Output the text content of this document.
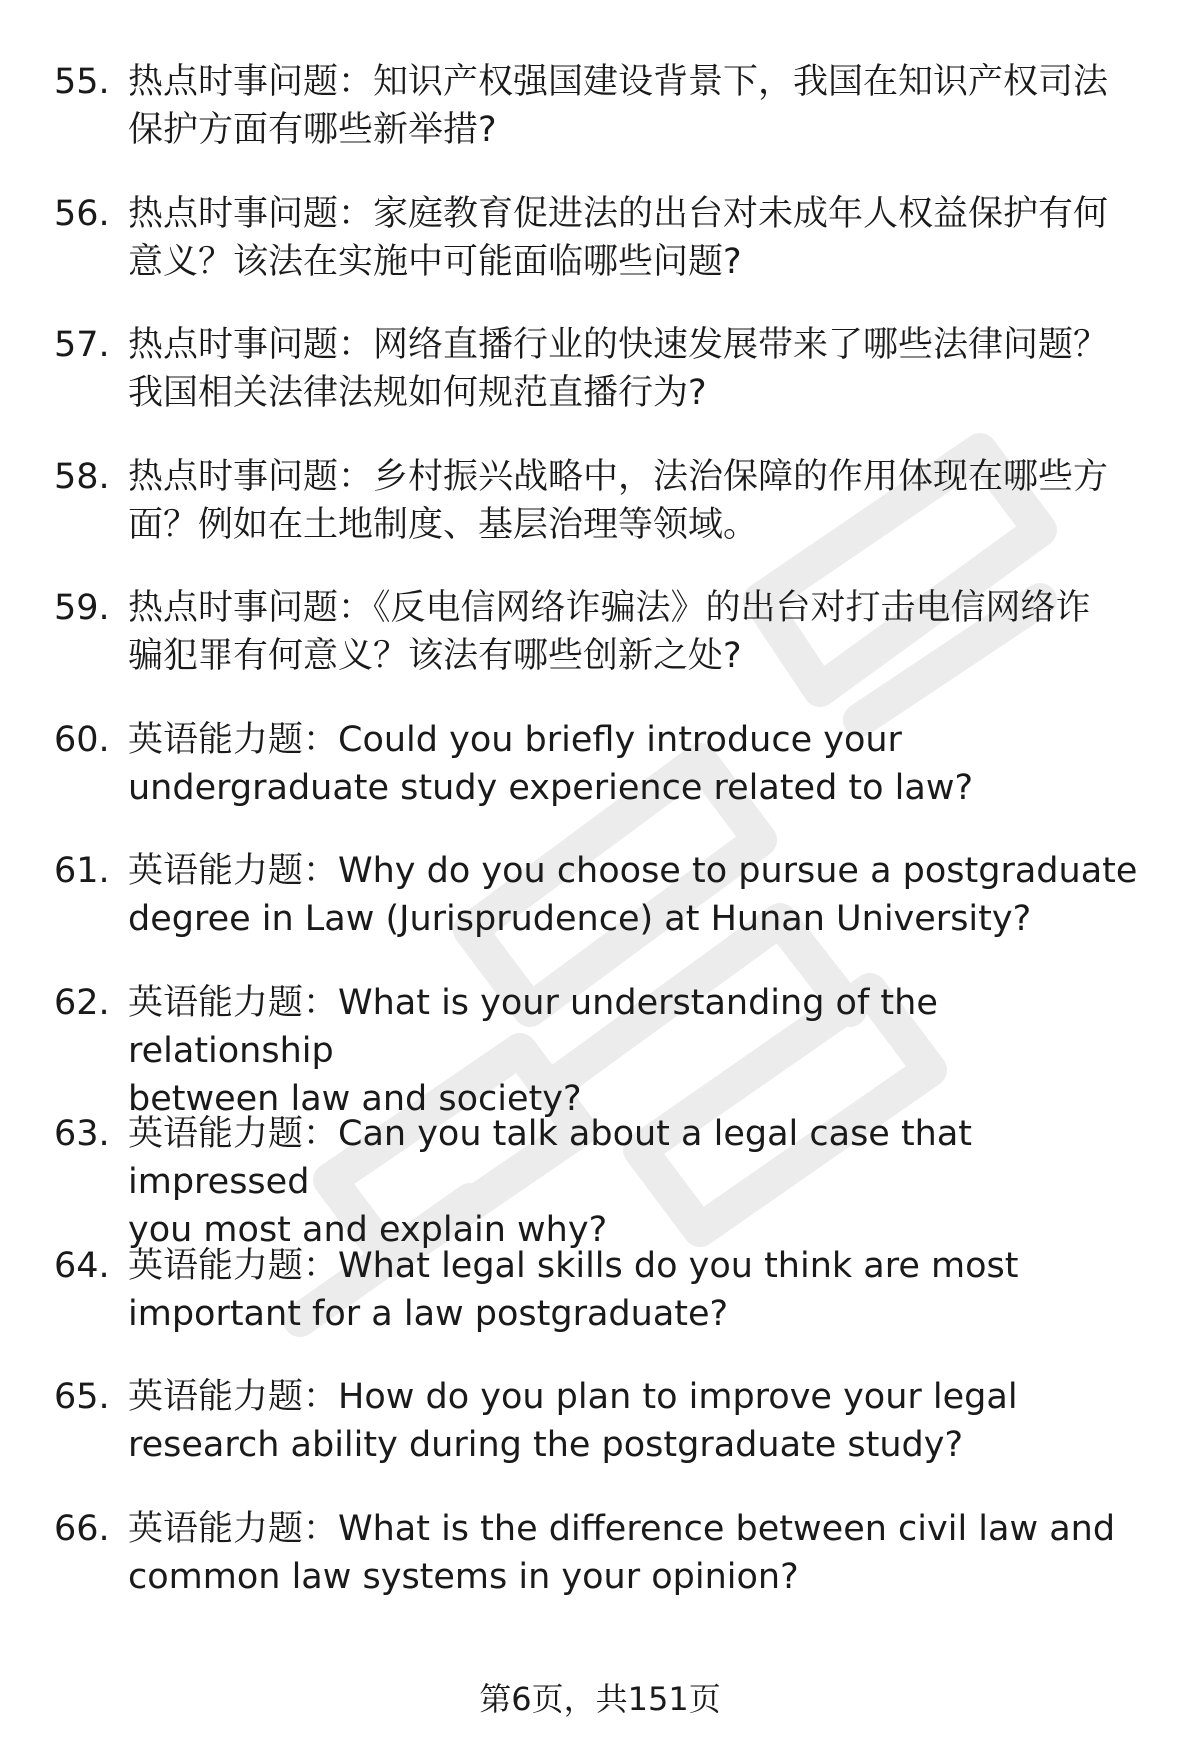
55. 热点时事问题：知识产权强国建设背景下，我国在知识产权司法
保护方面有哪些新举措?
56. 热点时事问题：家庭教育促进法的出台对未成年人权益保护有何
意义？该法在实施中可能面临哪些问题?
57. 热点时事问题：网络直播行业的快速发展带来了哪些法律问题？
我国相关法律法规如何规范直播行为?
58. 热点时事问题：乡村振兴战略中，法治保障的作用体现在哪些方
面？例如在土地制度、基层治理等领域。
59. 热点时事问题：《反电信网络诈骗法》的出台对打击电信网络诈
骗犯罪有何意义？该法有哪些创新之处?
60. 英语能力题：Could you briefly introduce your
undergraduate study experience related to law?
61. 英语能力题：Why do you choose to pursue a postgraduate
degree in Law (Jurisprudence) at Hunan University?
62. 英语能力题：What is your understanding of the relationship
between law and society?
63. 英语能力题：Can you talk about a legal case that impressed
you most and explain why?
64. 英语能力题：What legal skills do you think are most
important for a law postgraduate?
65. 英语能力题：How do you plan to improve your legal
research ability during the postgraduate study?
66. 英语能力题：What is the difference between civil law and
common law systems in your opinion?
第6页，共151页
